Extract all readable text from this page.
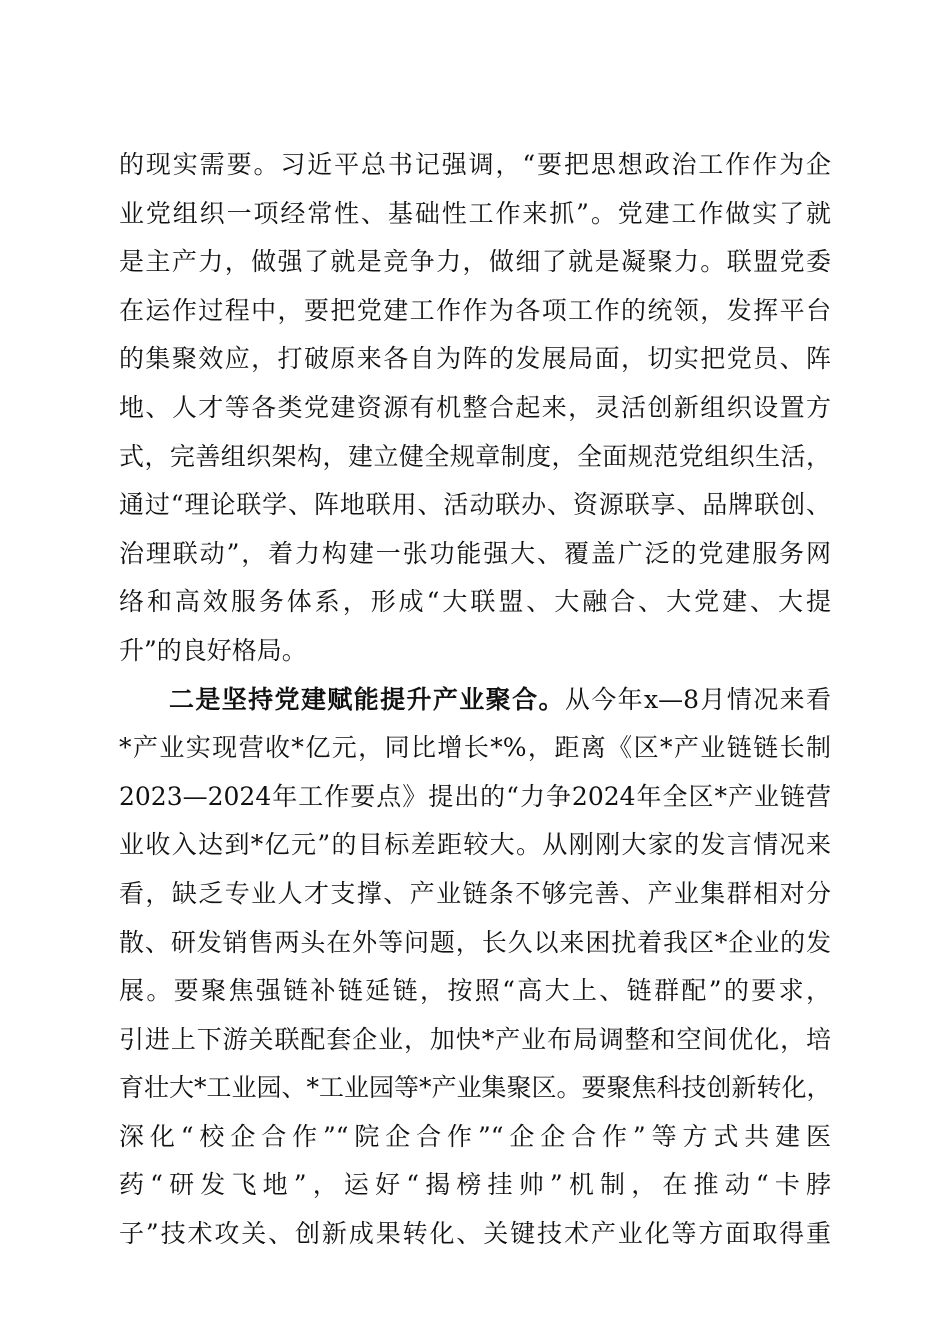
的现实需要。习近平总书记强调，“要把思想政治工作作为企
业党组织一项经常性、基础性工作来抓”。党建工作做实了就
是主产力，做强了就是竞争力，做细了就是凝聚力。联盟党委
在运作过程中，要把党建工作作为各项工作的统领，发挥平台
的集聚效应，打破原来各自为阵的发展局面，切实把党员、阵
地、人才等各类党建资源有机整合起来，灵活创新组织设置方
式，完善组织架构，建立健全规章制度，全面规范党组织生活，
通过“理论联学、阵地联用、活动联办、资源联享、品牌联创、
治理联动”，着力构建一张功能强大、覆盖广泛的党建服务网
络和高效服务体系，形成“大联盟、大融合、大党建、大提
升”的良好格局。
二是坚持党建赋能提升产业聚合。从今年x—8月情况来看
*产业实现营收*亿元，同比增长*%，距离《区*产业链链长制
2023—2024年工作要点》提出的“力争2024年全区*产业链营
业收入达到*亿元”的目标差距较大。从刚刚大家的发言情况来
看，缺乏专业人才支撑、产业链条不够完善、产业集群相对分
散、研发销售两头在外等问题，长久以来困扰着我区*企业的发
展。要聚焦强链补链延链，按照“高大上、链群配”的要求，
引进上下游关联配套企业，加快*产业布局调整和空间优化，培
育壮大*工业园、*工业园等*产业集聚区。要聚焦科技创新转化，
深化“校企合作”“院企合作”“企企合作”等方式共建医
药“研发飞地”，运好“揭榜挂帅”机制，在推动“卡脖
子”技术攻关、创新成果转化、关键技术产业化等方面取得重
